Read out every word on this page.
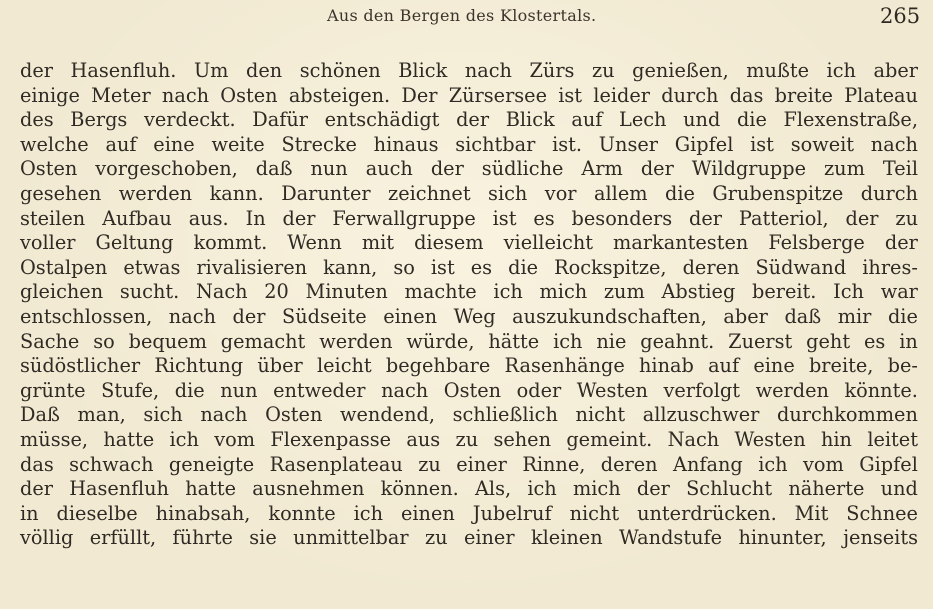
Aus den Bergen des Klostertals.	265
der Hasenfluh. Um den schönen Blick nach Zürs zu genießen, mußte ich aber
einige Meter nach Osten absteigen. Der Zürsersee ist leider durch das breite Plateau
des Bergs verdeckt. Dafür entschädigt der Blick auf Lech und die Flexenstraße,
welche auf eine weite Strecke hinaus sichtbar ist. Unser Gipfel ist soweit nach
Osten vorgeschoben, daß nun auch der südliche Arm der Wildgruppe zum Teil
gesehen werden kann. Darunter zeichnet sich vor allem die Grubenspitze durch
steilen Aufbau aus. In der Ferwallgruppe ist es besonders der Patteriol, der zu
voller Geltung kommt. Wenn mit diesem vielleicht markantesten Felsberge der
Ostalpen etwas rivalisieren kann, so ist es die Rockspitze, deren Südwand ihres-
gleichen sucht. Nach 20 Minuten machte ich mich zum Abstieg bereit. Ich war
entschlossen, nach der Südseite einen Weg auszukundschaften, aber daß mir die
Sache so bequem gemacht werden würde, hätte ich nie geahnt. Zuerst geht es in
südöstlicher Richtung über leicht begehbare Rasenhänge hinab auf eine breite, be-
grünte Stufe, die nun entweder nach Osten oder Westen verfolgt werden könnte.
Daß man, sich nach Osten wendend, schließlich nicht allzuschwer durchkommen
müsse, hatte ich vom Flexenpasse aus zu sehen gemeint. Nach Westen hin leitet
das schwach geneigte Rasenplateau zu einer Rinne, deren Anfang ich vom Gipfel
der Hasenfluh hatte ausnehmen können. Als, ich mich der Schlucht näherte und
in dieselbe hinabsah, konnte ich einen Jubelruf nicht unterdrücken. Mit Schnee
völlig erfüllt, führte sie unmittelbar zu einer kleinen Wandstufe hinunter, jenseits
